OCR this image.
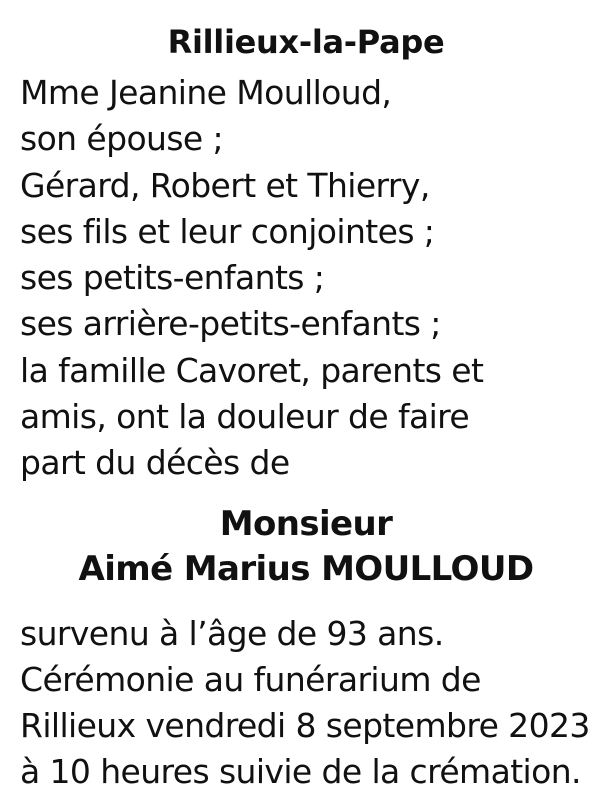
Rillieux-la-Pape
Mme Jeanine Moulloud,
son épouse ;
Gérard, Robert et Thierry,
ses fils et leur conjointes ;
ses petits-enfants ;
ses arrière-petits-enfants ;
la famille Cavoret, parents et
amis, ont la douleur de faire
part du décès de
Monsieur
Aimé Marius MOULLOUD
survenu à l’âge de 93 ans.
Cérémonie au funérarium de
Rillieux vendredi 8 septembre 2023
à 10 heures suivie de la crémation.
